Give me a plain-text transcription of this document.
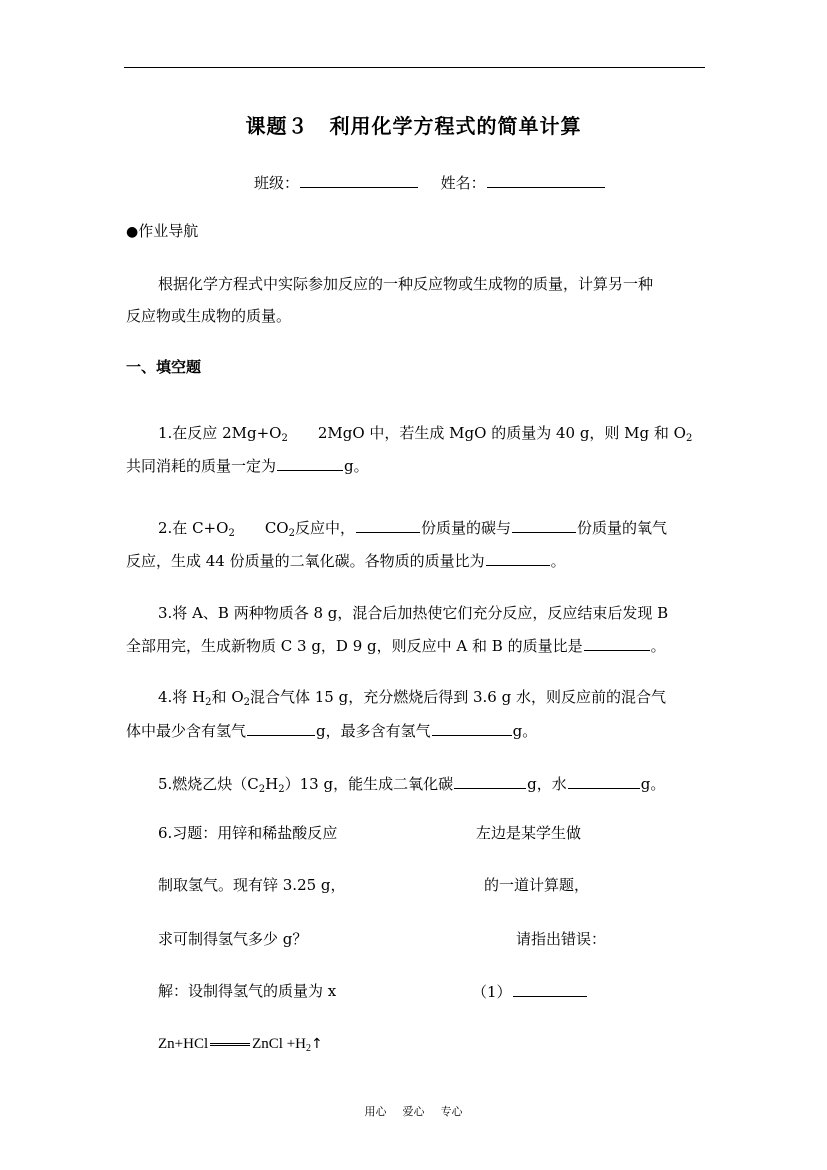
课题３　利用化学方程式的简单计算
班级：	姓名：
●作业导航
根据化学方程式中实际参加反应的一种反应物或生成物的质量，计算另一种
反应物或生成物的质量。
一、填空题
1.在反应 $2Mg+O_2$ 2MgO 中，若生成 MgO 的质量为 40 g，则 Mg 和 $O_2$
共同消耗的质量一定为	g。
2.在 $C+O_2$ $CO_2$反应中，	份质量的碳与	份质量的氧气
反应，生成 44 份质量的二氧化碳。各物质的质量比为	。
3.将 A、B 两种物质各 8 g，混合后加热使它们充分反应，反应结束后发现 B
全部用完，生成新物质 C 3 g，D 9 g，则反应中 A 和 B 的质量比是	。
4.将 $H_2$和 $O_2$混合气体 15 g，充分燃烧后得到 3.6 g 水，则反应前的混合气
体中最少含有氢气	g，最多含有氢气	g。
5.燃烧乙炔$(C_2H_2)13$ g，能生成二氧化碳	g，水	g。
6.习题：用锌和稀盐酸反应	左边是某学生做
制取氢气。现有锌 3.25 g，	的一道计算题，
求可制得氢气多少 g？	请指出错误：
解：设制得氢气的质量为 x	（1）
Zn+HCl	ZnCl $+H_2↑$
用心 爱心 专心
